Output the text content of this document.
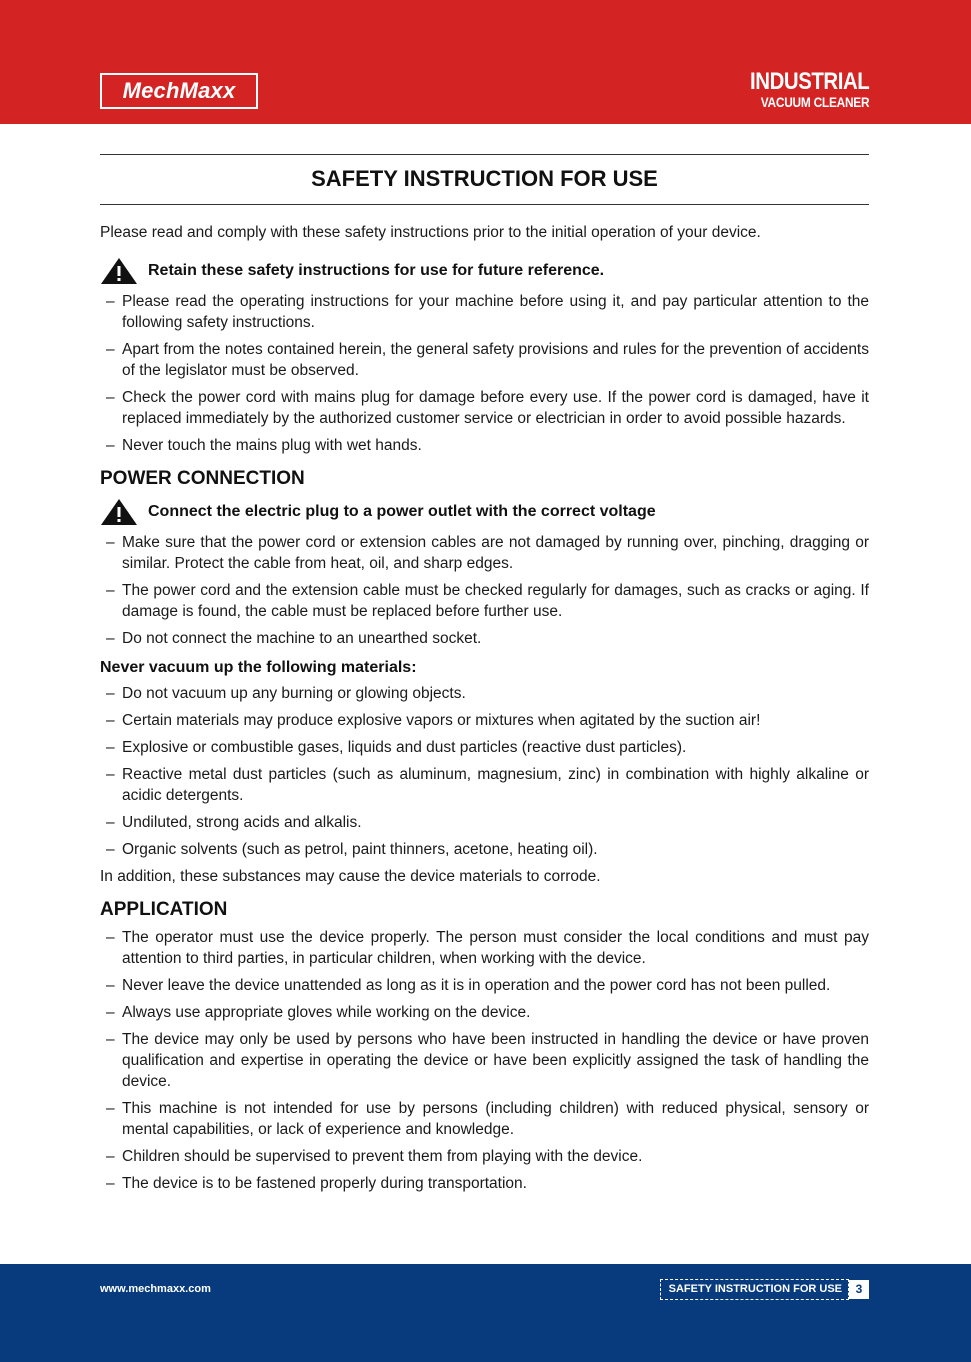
MechMaxx	INDUSTRIAL
VACUUM CLEANER
SAFETY INSTRUCTION FOR USE

Please read and comply with these safety instructions prior to the initial operation of your device.

Retain these safety instructions for use for future reference.
– Please read the operating instructions for your machine before using it, and pay particular attention to the following safety instructions.
– Apart from the notes contained herein, the general safety provisions and rules for the prevention of accidents of the legislator must be observed.
– Check the power cord with mains plug for damage before every use. If the power cord is damaged, have it replaced immediately by the authorized customer service or electrician in order to avoid possible hazards.
– Never touch the mains plug with wet hands.
POWER CONNECTION
Connect the electric plug to a power outlet with the correct voltage
– Make sure that the power cord or extension cables are not damaged by running over, pinching, dragging or similar. Protect the cable from heat, oil, and sharp edges.
– The power cord and the extension cable must be checked regularly for damages, such as cracks or aging. If damage is found, the cable must be replaced before further use.
– Do not connect the machine to an unearthed socket.
Never vacuum up the following materials:
– Do not vacuum up any burning or glowing objects.
– Certain materials may produce explosive vapors or mixtures when agitated by the suction air!
– Explosive or combustible gases, liquids and dust particles (reactive dust particles).
– Reactive metal dust particles (such as aluminum, magnesium, zinc) in combination with highly alkaline or acidic detergents.
– Undiluted, strong acids and alkalis.
– Organic solvents (such as petrol, paint thinners, acetone, heating oil).

In addition, these substances may cause the device materials to corrode.

APPLICATION
– The operator must use the device properly. The person must consider the local conditions and must pay attention to third parties, in particular children, when working with the device.
– Never leave the device unattended as long as it is in operation and the power cord has not been pulled.
– Always use appropriate gloves while working on the device.
– The device may only be used by persons who have been instructed in handling the device or have proven qualification and expertise in operating the device or have been explicitly assigned the task of handling the device.
– This machine is not intended for use by persons (including children) with reduced physical, sensory or mental capabilities, or lack of experience and knowledge.
– Children should be supervised to prevent them from playing with the device.
– The device is to be fastened properly during transportation.
www.mechmaxx.com	SAFETY INSTRUCTION FOR USE	3
